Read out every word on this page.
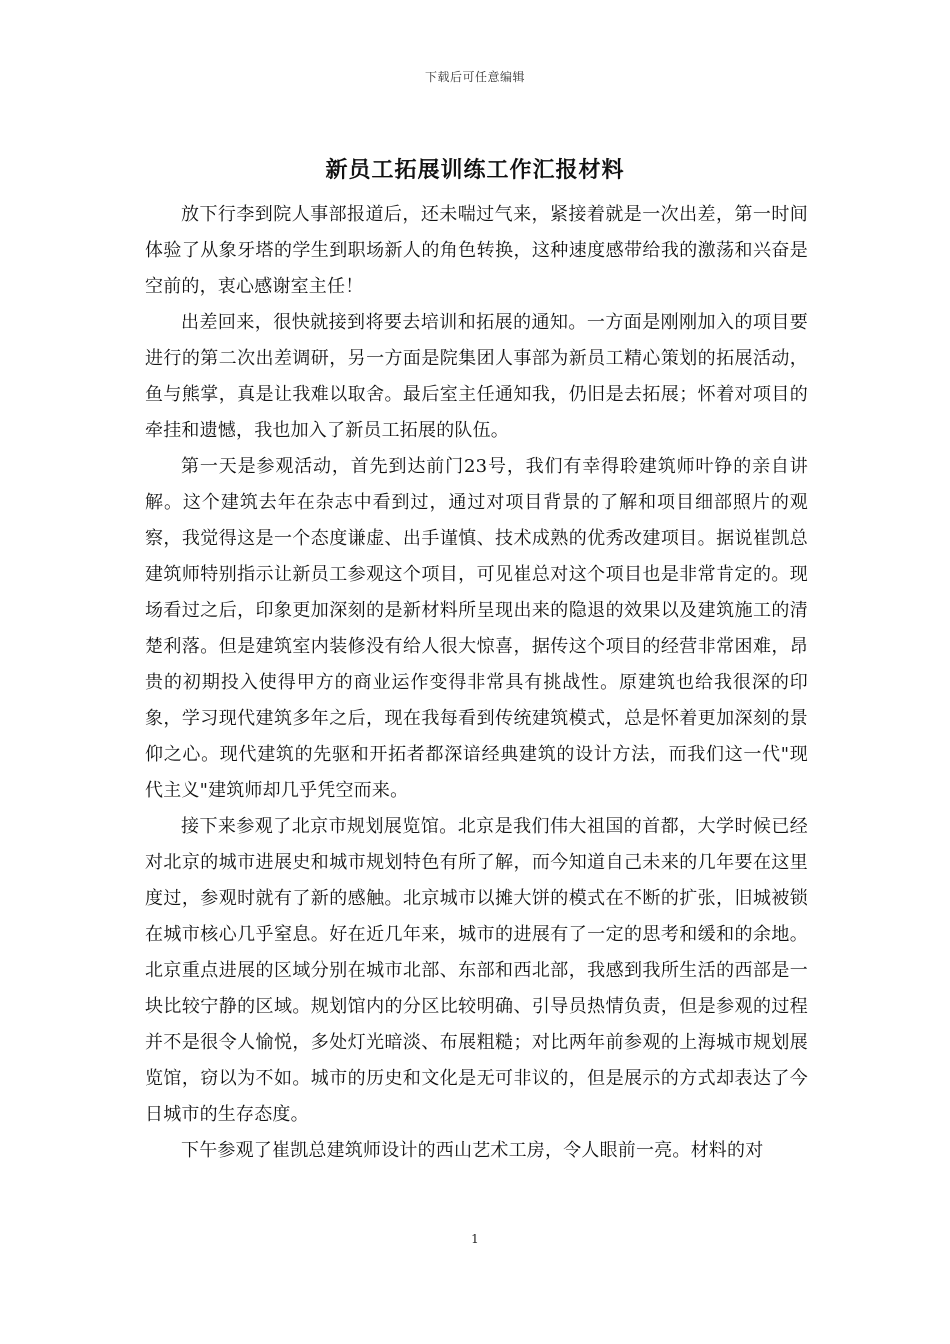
下载后可任意编辑
新员工拓展训练工作汇报材料

放下行李到院人事部报道后，还未喘过气来，紧接着就是一次出差，第一时间体验了从象牙塔的学生到职场新人的角色转换，这种速度感带给我的激荡和兴奋是空前的，衷心感谢室主任！

出差回来，很快就接到将要去培训和拓展的通知。一方面是刚刚加入的项目要进行的第二次出差调研，另一方面是院集团人事部为新员工精心策划的拓展活动，鱼与熊掌，真是让我难以取舍。最后室主任通知我，仍旧是去拓展；怀着对项目的牵挂和遗憾，我也加入了新员工拓展的队伍。

第一天是参观活动，首先到达前门23号，我们有幸得聆建筑师叶铮的亲自讲解。这个建筑去年在杂志中看到过，通过对项目背景的了解和项目细部照片的观察，我觉得这是一个态度谦虚、出手谨慎、技术成熟的优秀改建项目。据说崔凯总建筑师特别指示让新员工参观这个项目，可见崔总对这个项目也是非常肯定的。现场看过之后，印象更加深刻的是新材料所呈现出来的隐退的效果以及建筑施工的清楚利落。但是建筑室内装修没有给人很大惊喜，据传这个项目的经营非常困难，昂贵的初期投入使得甲方的商业运作变得非常具有挑战性。原建筑也给我很深的印象，学习现代建筑多年之后，现在我每看到传统建筑模式，总是怀着更加深刻的景仰之心。现代建筑的先驱和开拓者都深谙经典建筑的设计方法，而我们这一代"现代主义"建筑师却几乎凭空而来。

接下来参观了北京市规划展览馆。北京是我们伟大祖国的首都，大学时候已经对北京的城市进展史和城市规划特色有所了解，而今知道自己未来的几年要在这里度过，参观时就有了新的感触。北京城市以摊大饼的模式在不断的扩张，旧城被锁在城市核心几乎窒息。好在近几年来，城市的进展有了一定的思考和缓和的余地。北京重点进展的区域分别在城市北部、东部和西北部，我感到我所生活的西部是一块比较宁静的区域。规划馆内的分区比较明确、引导员热情负责，但是参观的过程并不是很令人愉悦，多处灯光暗淡、布展粗糙；对比两年前参观的上海城市规划展览馆，窃以为不如。城市的历史和文化是无可非议的，但是展示的方式却表达了今日城市的生存态度。

下午参观了崔凯总建筑师设计的西山艺术工房，令人眼前一亮。材料的对

1
